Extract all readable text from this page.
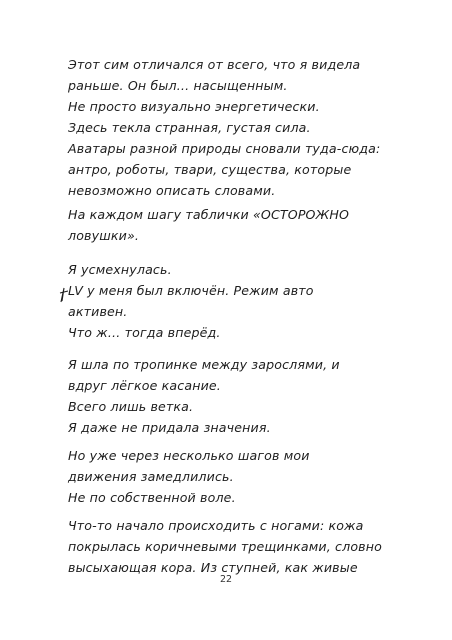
Этот сим отличался от всего, что я видела
раньше. Он был… насыщенным.
Не просто визуально энергетически.
Здесь текла странная, густая сила.
Аватары разной природы сновали туда-сюда:
антро, роботы, твари, существа, которые
невозможно описать словами.
На каждом шагу таблички «ОСТОРОЖНО
ловушки».
Я усмехнулась.
LV у меня был включён. Режим авто
активен.
Что ж… тогда вперёд.
Я шла по тропинке между зарослями, и
вдруг лёгкое касание.
Всего лишь ветка.
Я даже не придала значения.
Но уже через несколько шагов мои
движения замедлились.
Не по собственной воле.
Что-то начало происходить с ногами: кожа
покрылась коричневыми трещинками, словно
высыхающая кора. Из ступней, как живые
22
